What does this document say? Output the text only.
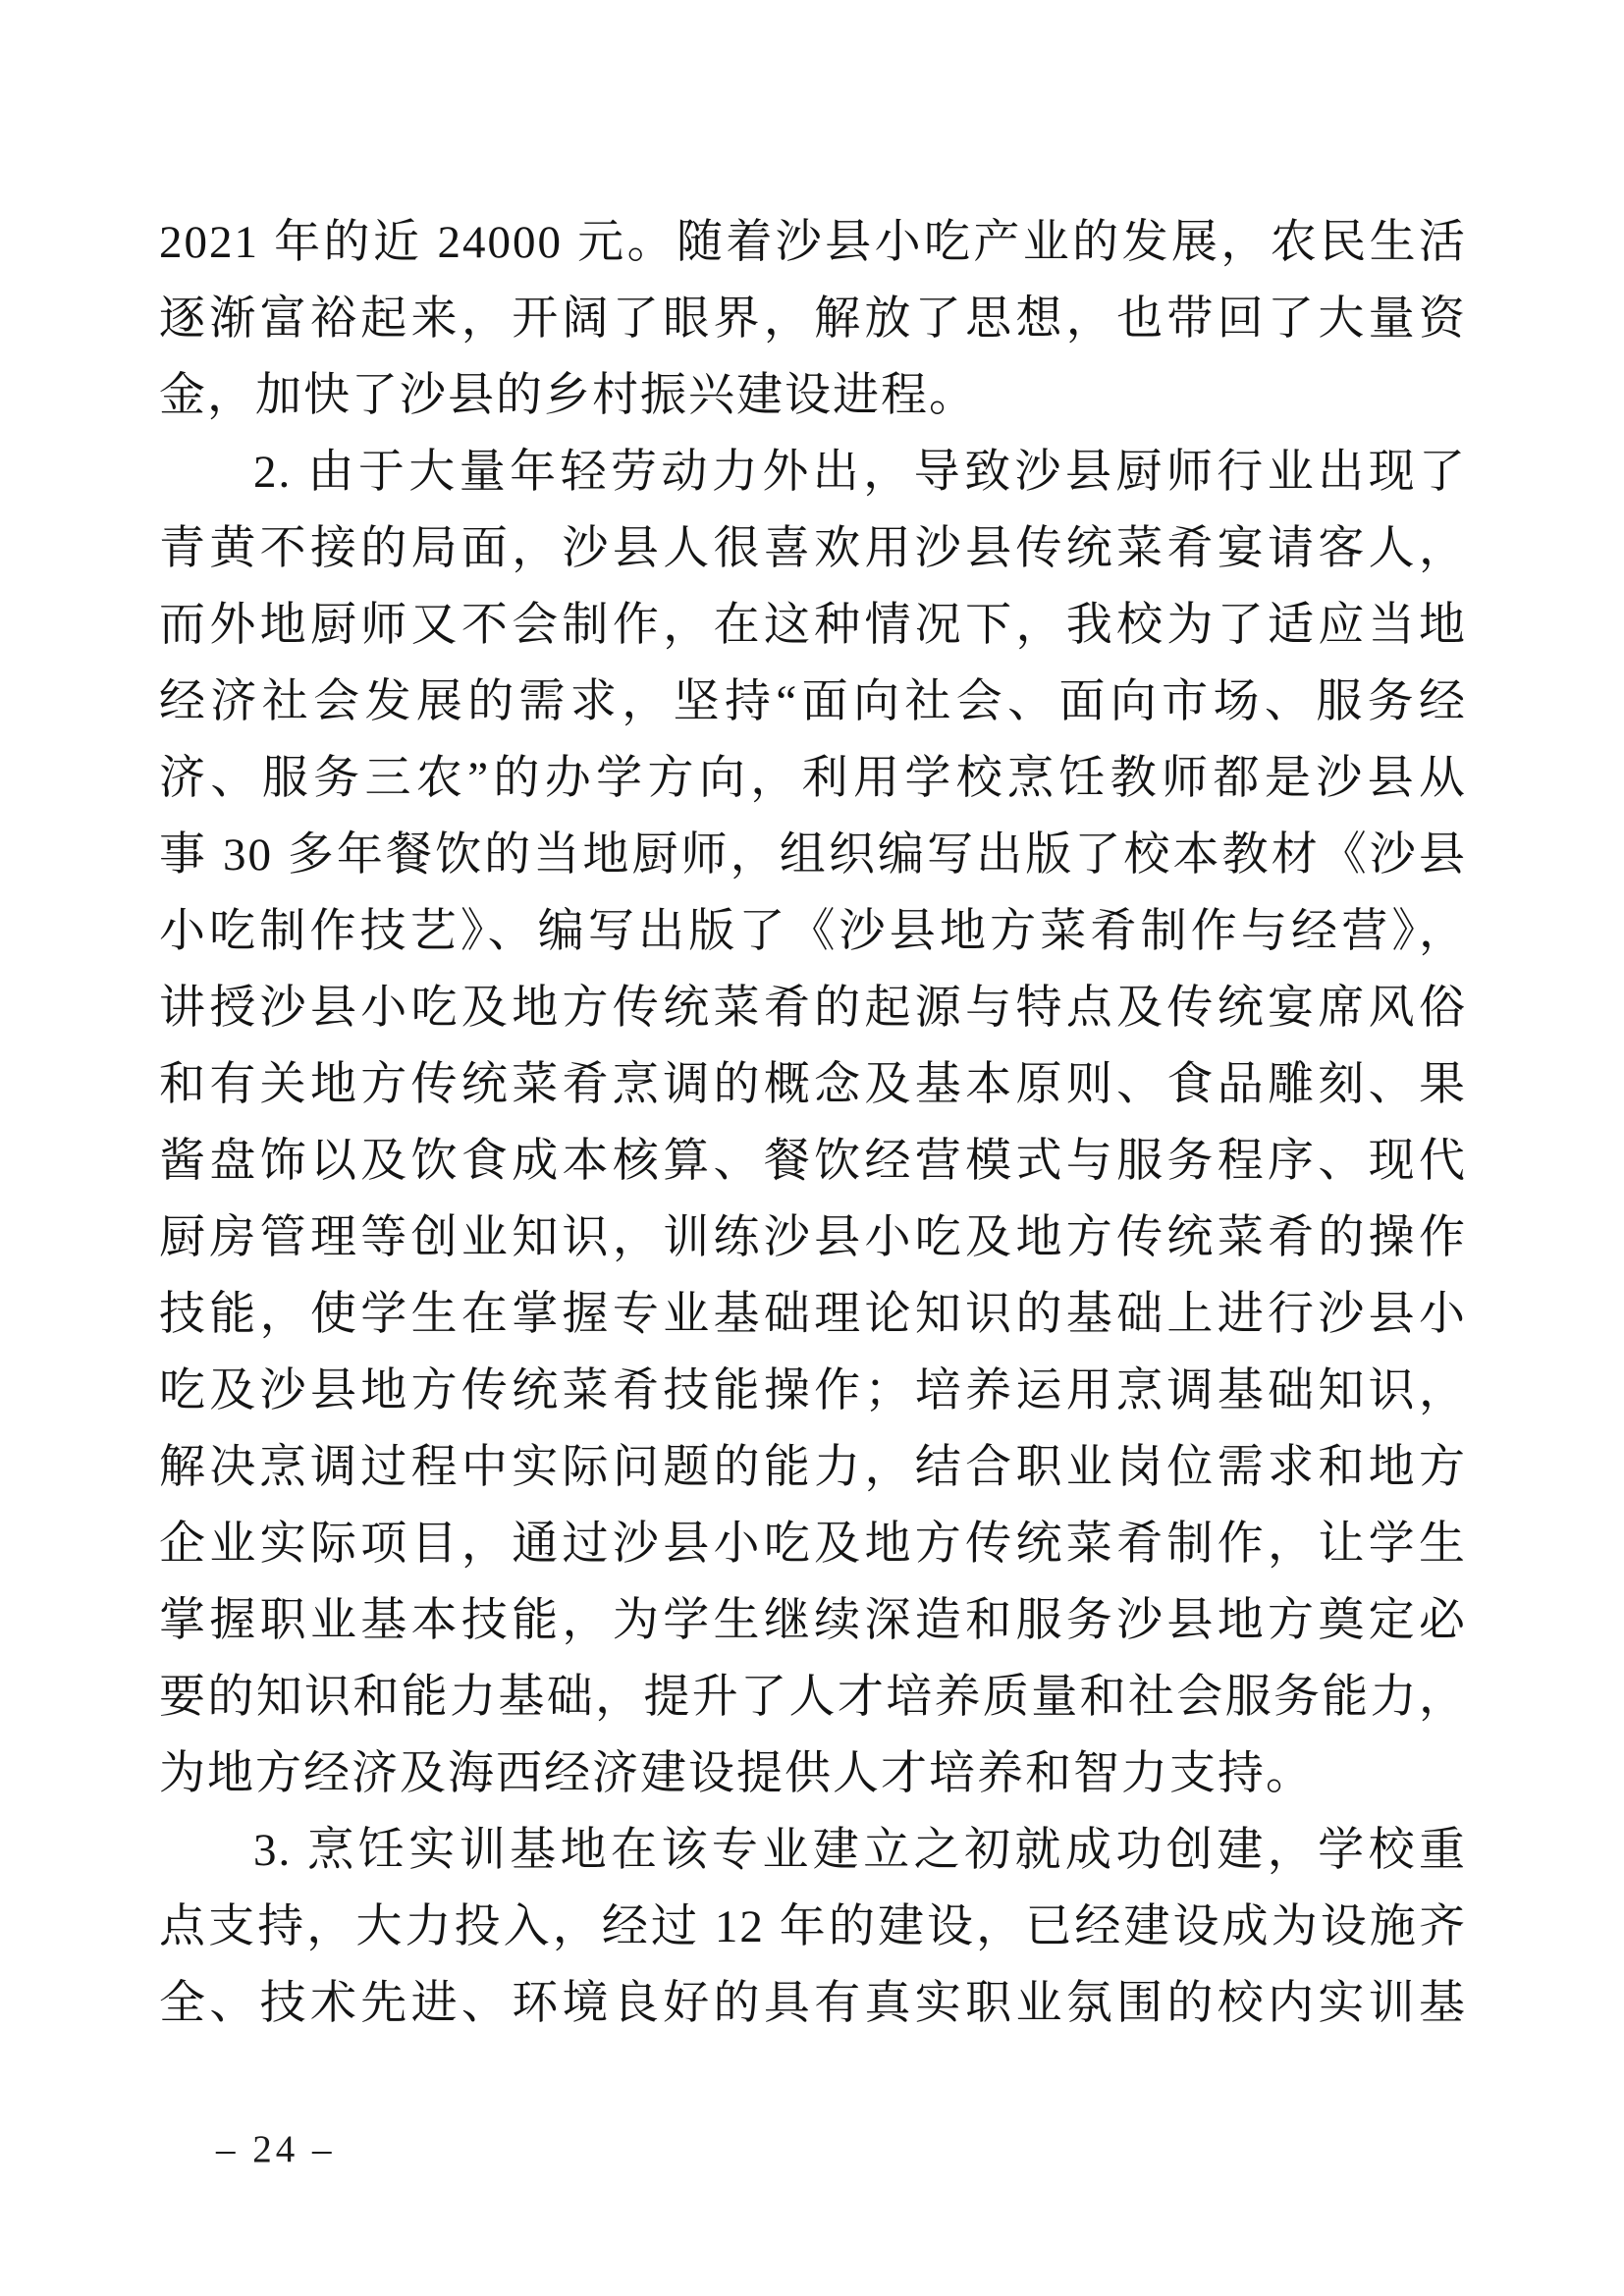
2021 年的近 24000 元。随着沙县小吃产业的发展，农民生活
逐渐富裕起来，开阔了眼界，解放了思想，也带回了大量资
金，加快了沙县的乡村振兴建设进程。
2. 由于大量年轻劳动力外出，导致沙县厨师行业出现了
青黄不接的局面，沙县人很喜欢用沙县传统菜肴宴请客人，
而外地厨师又不会制作，在这种情况下，我校为了适应当地
经济社会发展的需求，坚持“面向社会、面向市场、服务经
济、服务三农”的办学方向，利用学校烹饪教师都是沙县从
事 30 多年餐饮的当地厨师，组织编写出版了校本教材《沙县
小吃制作技艺》、编写出版了《沙县地方菜肴制作与经营》，
讲授沙县小吃及地方传统菜肴的起源与特点及传统宴席风俗
和有关地方传统菜肴烹调的概念及基本原则、食品雕刻、果
酱盘饰以及饮食成本核算、餐饮经营模式与服务程序、现代
厨房管理等创业知识，训练沙县小吃及地方传统菜肴的操作
技能，使学生在掌握专业基础理论知识的基础上进行沙县小
吃及沙县地方传统菜肴技能操作；培养运用烹调基础知识，
解决烹调过程中实际问题的能力，结合职业岗位需求和地方
企业实际项目，通过沙县小吃及地方传统菜肴制作，让学生
掌握职业基本技能，为学生继续深造和服务沙县地方奠定必
要的知识和能力基础，提升了人才培养质量和社会服务能力，
为地方经济及海西经济建设提供人才培养和智力支持。
3. 烹饪实训基地在该专业建立之初就成功创建，学校重
点支持，大力投入，经过 12 年的建设，已经建设成为设施齐
全、技术先进、环境良好的具有真实职业氛围的校内实训基
– 24 –
